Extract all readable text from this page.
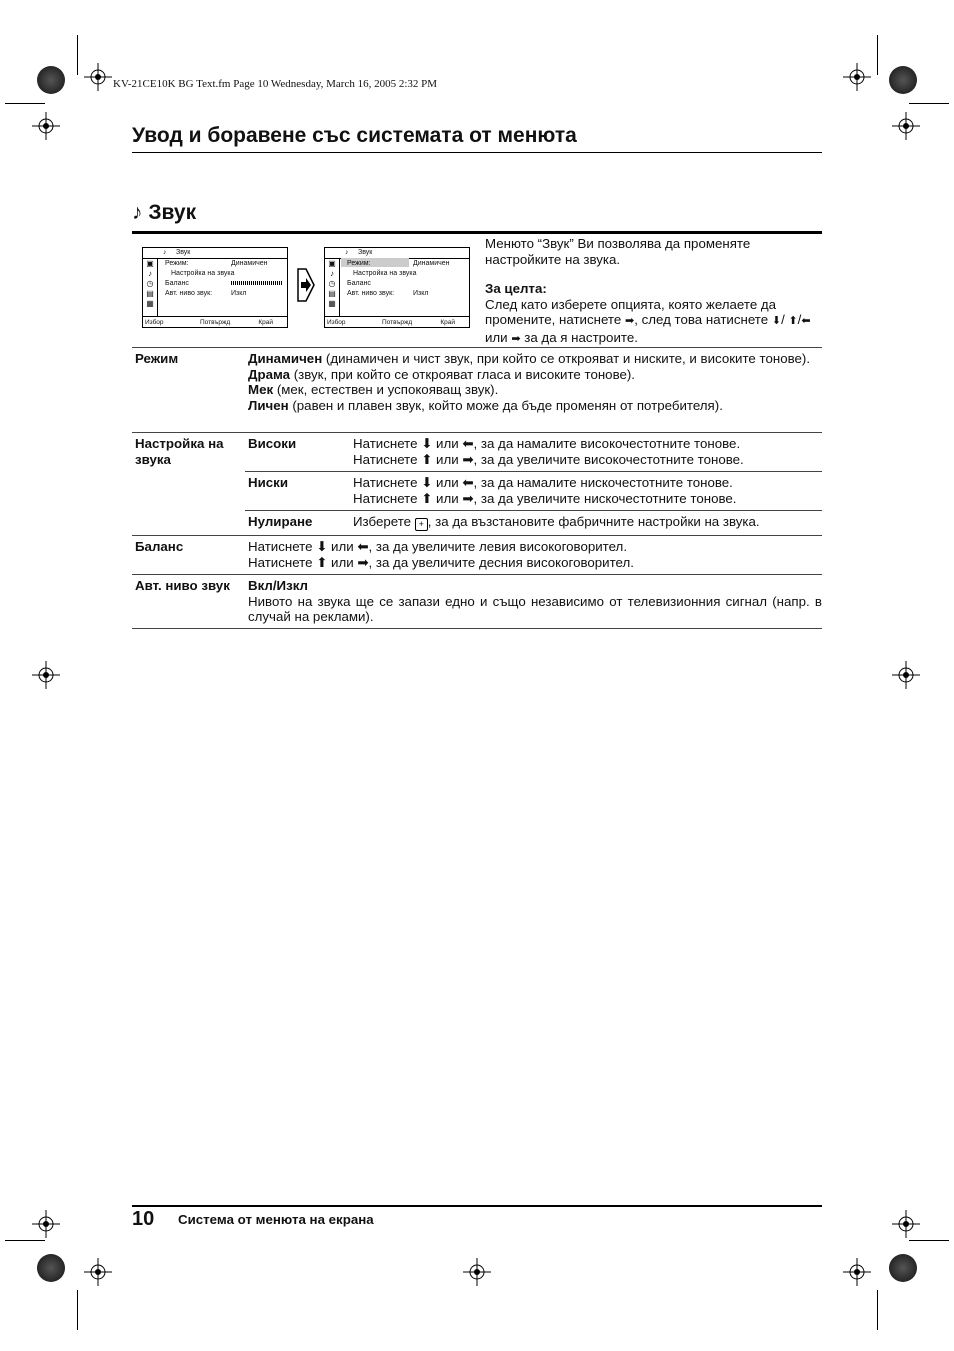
KV-21CE10K BG Text.fm Page 10 Wednesday, March 16, 2005 2:32 PM
Увод и боравене със системата от менюта
♪ Звук
♪ Звук
▣
♪
◷
▤
▦
Режим:	Динамичен
Настройка на звука
Баланс
Авт. ниво звук:	Изкл
Избор	Потвържд	Край
♪ Звук
▣
♪
◷
▤
▦
Режим:	Динамичен
Настройка на звука
Баланс
Авт. ниво звук:	Изкл
Избор	Потвържд	Край
Менюто “Звук” Ви позволява да променяте настройките на звука.
За целта:
След като изберете опцията, която желаете да промените, натиснете ➡, след това натиснете ⬇/ ⬆/⬅ или ➡ за да я настроите.
Режим	Динамичен (динамичен и чист звук, при който се открояват и ниските, и високите тонове).
Драма (звук, при който се открояват гласа и високите тонове).
Мек (мек, естествен и успокояващ звук).
Личен (равен и плавен звук, който може да бъде променян от потребителя).
Настройка на звука
Високи	Натиснете ⬇ или ⬅, за да намалите високочестотните тонове.
Натиснете ⬆ или ➡, за да увеличите високочестотните тонове.
Ниски	Натиснете ⬇ или ⬅, за да намалите нискочестотните тонове.
Натиснете ⬆ или ➡, за да увеличите нискочестотните тонове.
Нулиране	Изберете + , за да възстановите фабричните настройки на звука.
Баланс	Натиснете ⬇ или ⬅, за да увеличите левия високоговорител.
Натиснете ⬆ или ➡, за да увеличите десния високоговорител.
Авт. ниво звук Вкл/Изкл
Нивото на звука ще се запази едно и също независимо от телевизионния сигнал (напр. в случай на реклами).
10 Система от менюта на екрана
